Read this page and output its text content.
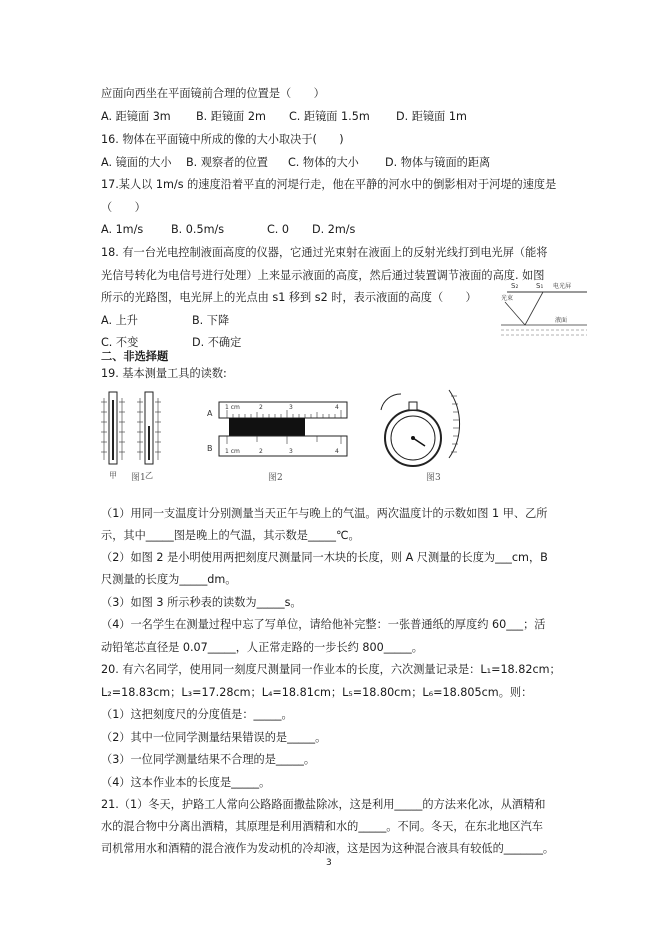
应面向西坐在平面镜前合理的位置是（　　）
A. 距镜面 3m B. 距镜面 2m C. 距镜面 1.5m D. 距镜面 1m
16. 物体在平面镜中所成的像的大小取决于(　　)
A. 镜面的大小 B. 观察者的位置 C. 物体的大小 D. 物体与镜面的距离
17.某人以 1m/s 的速度沿着平直的河堤行走，他在平静的河水中的倒影相对于河堤的速度是
（　　）
A. 1m/s B. 0.5m/s	C. 0 D. 2m/s
18. 有一台光电控制液面高度的仪器，它通过光束射在液面上的反射光线打到电光屏（能将
光信号转化为电信号进行处理）上来显示液面的高度，然后通过装置调节液面的高度. 如图
所示的光路图，电光屏上的光点由 s1 移到 s2 时，表示液面的高度（　　）
A. 上升	B. 下降
C. 不变	D. 不确定
S₂	S₁ 电光屏
光束
液面
二、非选择题
19. 基本测量工具的读数:
甲	乙
图1
A
1 cm	2	3	4
B 1 cm	2	3	4
图2	图3
（1）用同一支温度计分别测量当天正午与晚上的气温。两次温度计的示数如图 1 甲、乙所
示，其中_____图是晚上的气温，其示数是_____℃。
（2）如图 2 是小明使用两把刻度尺测量同一木块的长度，则 A 尺测量的长度为___cm，B
尺测量的长度为_____dm。
（3）如图 3 所示秒表的读数为_____s。
（4）一名学生在测量过程中忘了写单位，请给他补完整：一张普通纸的厚度约 60___；活
动铅笔芯直径是 0.07_____，人正常走路的一步长约 800_____。
20. 有六名同学，使用同一刻度尺测量同一作业本的长度，六次测量记录是：L₁=18.82cm；
L₂=18.83cm；L₃=17.28cm；L₄=18.81cm；L₅=18.80cm；L₆=18.805cm。则：
（1）这把刻度尺的分度值是：_____。
（2）其中一位同学测量结果错误的是_____。
（3）一位同学测量结果不合理的是_____。
（4）这本作业本的长度是_____。
21.（1）冬天，护路工人常向公路路面撒盐除冰，这是利用_____的方法来化冰，从酒精和
水的混合物中分离出酒精，其原理是利用酒精和水的_____。不同。冬天，在东北地区汽车
司机常用水和酒精的混合液作为发动机的冷却液，这是因为这种混合液具有较低的_______。
3
